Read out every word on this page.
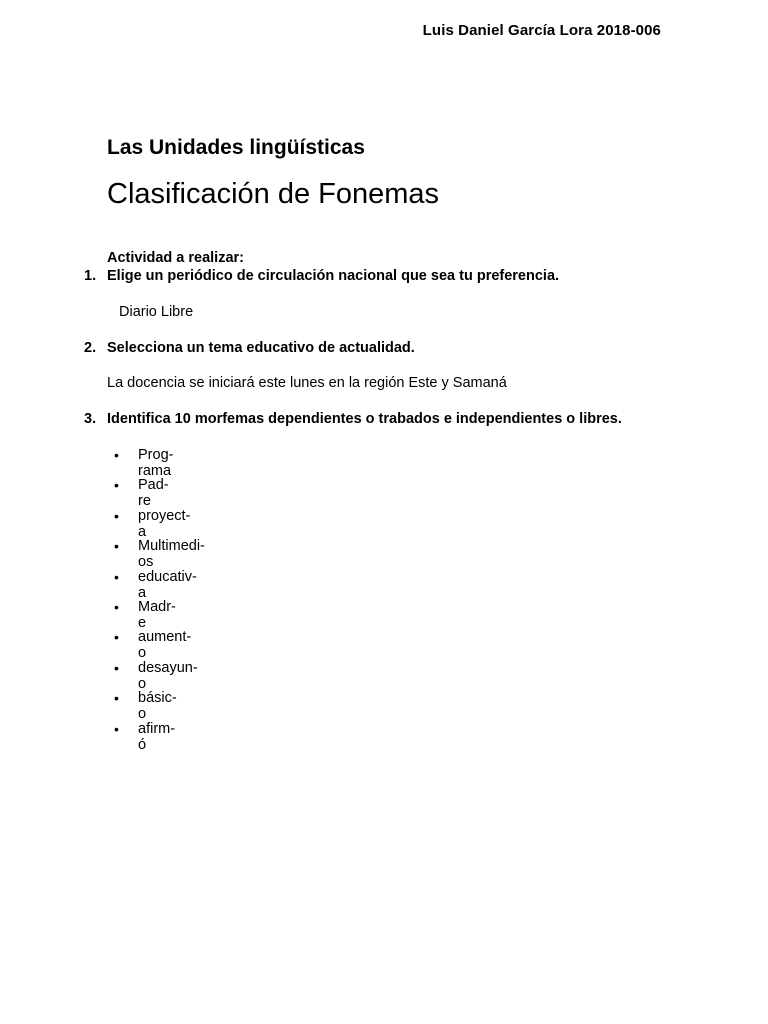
Luis Daniel García Lora 2018-006
Las Unidades lingüísticas
Clasificación de Fonemas
Actividad a realizar:
1. Elige un periódico de circulación nacional que sea tu preferencia.
Diario Libre
2. Selecciona un tema educativo de actualidad.
La docencia se iniciará este lunes en la región Este y Samaná
3. Identifica 10 morfemas dependientes o trabados e independientes o libres.
• Prog-rama
• Pad-re
• proyect-a
• Multimedi-os
• educativ-a
• Madr-e
• aument-o
• desayun-o
• básic-o
• afirm-ó
